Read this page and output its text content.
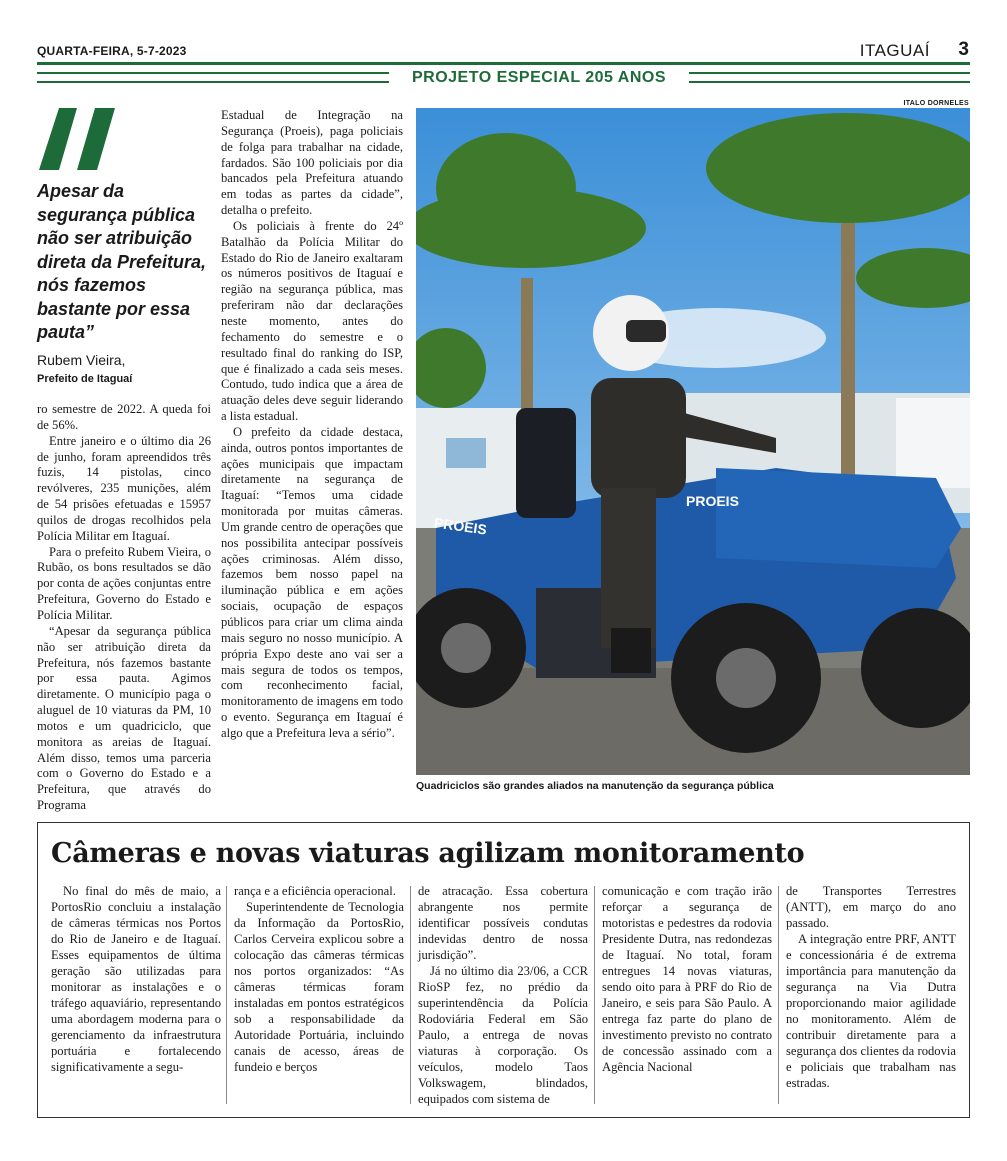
QUARTA-FEIRA, 5-7-2023	ITAGUAÍ 3
PROJETO ESPECIAL 205 ANOS
Apesar da segurança pública não ser atribuição direta da Prefeitura, nós fazemos bastante por essa pauta”
Rubem Vieira,
Prefeito de Itaguaí

ro semestre de 2022. A queda foi de 56%.

Entre janeiro e o último dia 26 de junho, foram apreendidos três fuzis, 14 pistolas, cinco revólveres, 235 munições, além de 54 prisões efetuadas e 15957 quilos de drogas recolhidos pela Polícia Militar em Itaguaí.

Para o prefeito Rubem Vieira, o Rubão, os bons resultados se dão por conta de ações conjuntas entre Prefeitura, Governo do Estado e Polícia Militar.

“Apesar da segurança pública não ser atribuição direta da Prefeitura, nós fazemos bastante por essa pauta. Agimos diretamente. O município paga o aluguel de 10 viaturas da PM, 10 motos e um quadriciclo, que monitora as areias de Itaguaí. Além disso, temos uma parceria com o Governo do Estado e a Prefeitura, que através do Programa

Estadual de Integração na Segurança (Proeis), paga policiais de folga para trabalhar na cidade, fardados. São 100 policiais por dia bancados pela Prefeitura atuando em todas as partes da cidade”, detalha o prefeito.

Os policiais à frente do 24º Batalhão da Polícia Militar do Estado do Rio de Janeiro exaltaram os números positivos de Itaguaí e região na segurança pública, mas preferiram não dar declarações neste momento, antes do fechamento do semestre e o resultado final do ranking do ISP, que é finalizado a cada seis meses. Contudo, tudo indica que a área de atuação deles deve seguir liderando a lista estadual.

O prefeito da cidade destaca, ainda, outros pontos importantes de ações municipais que impactam diretamente na segurança de Itaguaí: “Temos uma cidade monitorada por muitas câmeras. Um grande centro de operações que nos possibilita antecipar possíveis ações criminosas. Além disso, fazemos bem nosso papel na iluminação pública e em ações sociais, ocupação de espaços públicos para criar um clima ainda mais seguro no nosso município. A própria Expo deste ano vai ser a mais segura de todos os tempos, com reconhecimento facial, monitoramento de imagens em todo o evento. Segurança em Itaguaí é algo que a Prefeitura leva a sério”.

ITALO DORNELES
PROEIS
PROEIS
Quadriciclos são grandes aliados na manutenção da segurança pública
Câmeras e novas viaturas agilizam monitoramento

No final do mês de maio, a PortosRio concluiu a instalação de câmeras térmicas nos Portos do Rio de Janeiro e de Itaguaí. Esses equipamentos de última geração são utilizadas para monitorar as instalações e o tráfego aquaviário, representando uma abordagem moderna para o gerenciamento da infraestrutura portuária e fortalecendo significativamente a segu-

rança e a eficiência operacional.

Superintendente de Tecnologia da Informação da PortosRio, Carlos Cerveira explicou sobre a colocação das câmeras térmicas nos portos organizados: “As câmeras térmicas foram instaladas em pontos estratégicos sob a responsabilidade da Autoridade Portuária, incluindo canais de acesso, áreas de fundeio e berços

de atracação. Essa cobertura abrangente nos permite identificar possíveis condutas indevidas dentro de nossa jurisdição”.

Já no último dia 23/06, a CCR RioSP fez, no prédio da superintendência da Polícia Rodoviária Federal em São Paulo, a entrega de novas viaturas à corporação. Os veículos, modelo Taos Volkswagem, blindados, equipados com sistema de

comunicação e com tração irão reforçar a segurança de motoristas e pedestres da rodovia Presidente Dutra, nas redondezas de Itaguaí. No total, foram entregues 14 novas viaturas, sendo oito para à PRF do Rio de Janeiro, e seis para São Paulo. A entrega faz parte do plano de investimento previsto no contrato de concessão assinado com a Agência Nacional

de Transportes Terrestres (ANTT), em março do ano passado.

A integração entre PRF, ANTT e concessionária é de extrema importância para manutenção da segurança na Via Dutra proporcionando maior agilidade no monitoramento. Além de contribuir diretamente para a segurança dos clientes da rodovia e policiais que trabalham nas estradas.
